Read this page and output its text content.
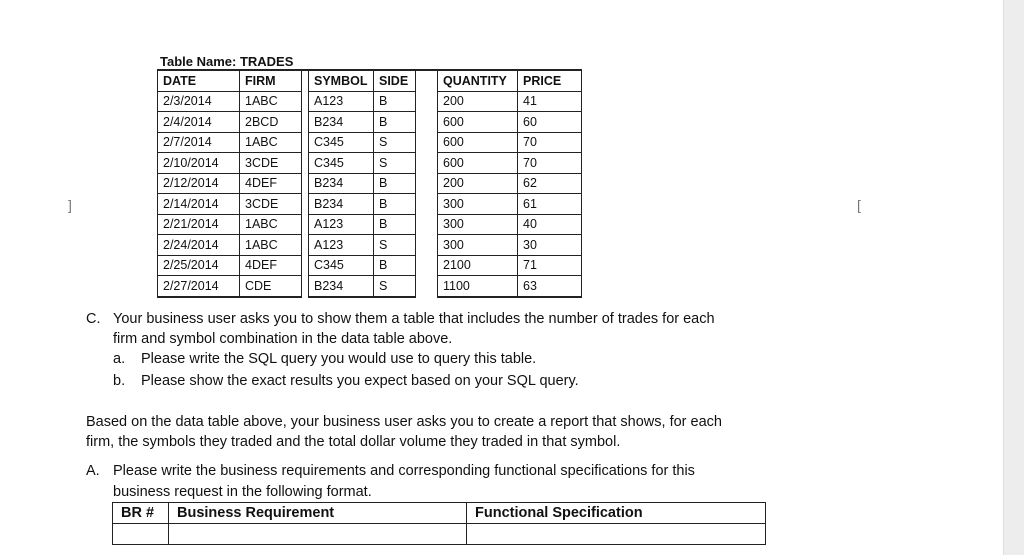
]	[
Table Name: TRADES
DATE	FIRM		SYMBOL	SIDE		QUANTITY	PRICE
2/3/2014	1ABC		A123	B		200	41
2/4/2014	2BCD		B234	B		600	60
2/7/2014	1ABC		C345	S		600	70
2/10/2014	3CDE		C345	S		600	70
2/12/2014	4DEF		B234	B		200	62
2/14/2014	3CDE		B234	B		300	61
2/21/2014	1ABC		A123	B		300	40
2/24/2014	1ABC		A123	S		300	30
2/25/2014	4DEF		C345	B		2100	71
2/27/2014	CDE		B234	S		1100	63
C. Your business user asks you to show them a table that includes the number of trades for each
firm and symbol combination in the data table above.
a. Please write the SQL query you would use to query this table.
b. Please show the exact results you expect based on your SQL query.
Based on the data table above, your business user asks you to create a report that shows, for each
firm, the symbols they traded and the total dollar volume they traded in that symbol.
A. Please write the business requirements and corresponding functional specifications for this
business request in the following format.
BR #	Business Requirement	Functional Specification
